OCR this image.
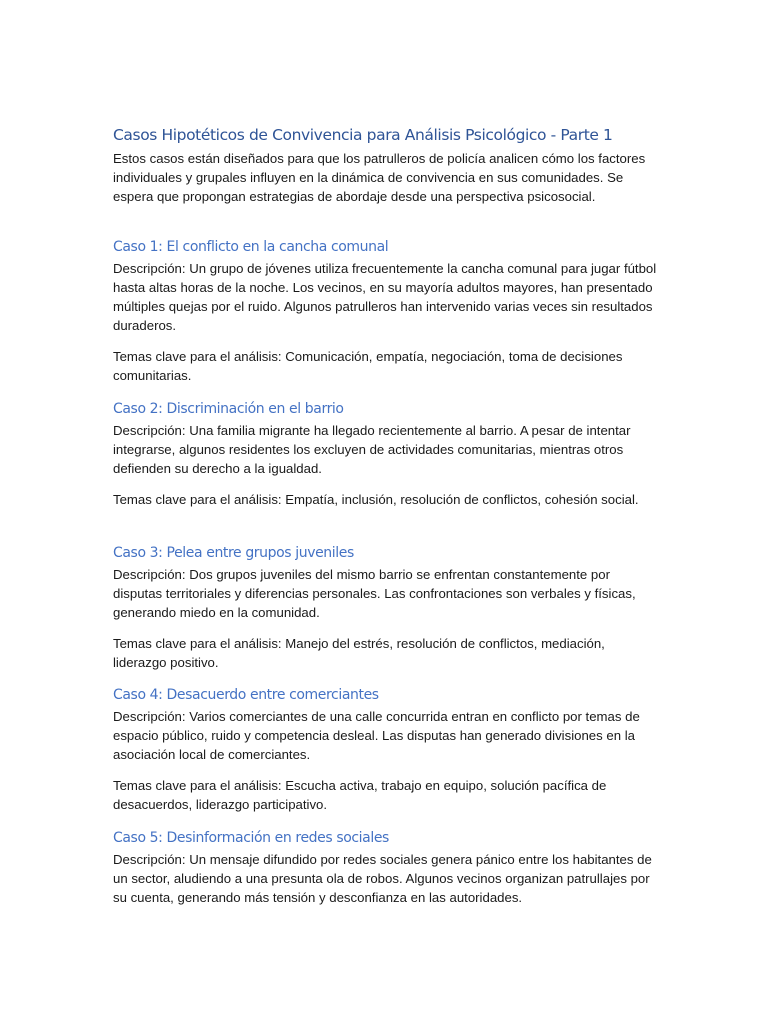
Casos Hipotéticos de Convivencia para Análisis Psicológico - Parte 1

Estos casos están diseñados para que los patrulleros de policía analicen cómo los factores individuales y grupales influyen en la dinámica de convivencia en sus comunidades. Se espera que propongan estrategias de abordaje desde una perspectiva psicosocial.

Caso 1: El conflicto en la cancha comunal

Descripción: Un grupo de jóvenes utiliza frecuentemente la cancha comunal para jugar fútbol hasta altas horas de la noche. Los vecinos, en su mayoría adultos mayores, han presentado múltiples quejas por el ruido. Algunos patrulleros han intervenido varias veces sin resultados duraderos.

Temas clave para el análisis: Comunicación, empatía, negociación, toma de decisiones comunitarias.

Caso 2: Discriminación en el barrio

Descripción: Una familia migrante ha llegado recientemente al barrio. A pesar de intentar integrarse, algunos residentes los excluyen de actividades comunitarias, mientras otros defienden su derecho a la igualdad.

Temas clave para el análisis: Empatía, inclusión, resolución de conflictos, cohesión social.

Caso 3: Pelea entre grupos juveniles

Descripción: Dos grupos juveniles del mismo barrio se enfrentan constantemente por disputas territoriales y diferencias personales. Las confrontaciones son verbales y físicas, generando miedo en la comunidad.

Temas clave para el análisis: Manejo del estrés, resolución de conflictos, mediación, liderazgo positivo.

Caso 4: Desacuerdo entre comerciantes

Descripción: Varios comerciantes de una calle concurrida entran en conflicto por temas de espacio público, ruido y competencia desleal. Las disputas han generado divisiones en la asociación local de comerciantes.

Temas clave para el análisis: Escucha activa, trabajo en equipo, solución pacífica de desacuerdos, liderazgo participativo.

Caso 5: Desinformación en redes sociales

Descripción: Un mensaje difundido por redes sociales genera pánico entre los habitantes de un sector, aludiendo a una presunta ola de robos. Algunos vecinos organizan patrullajes por su cuenta, generando más tensión y desconfianza en las autoridades.
